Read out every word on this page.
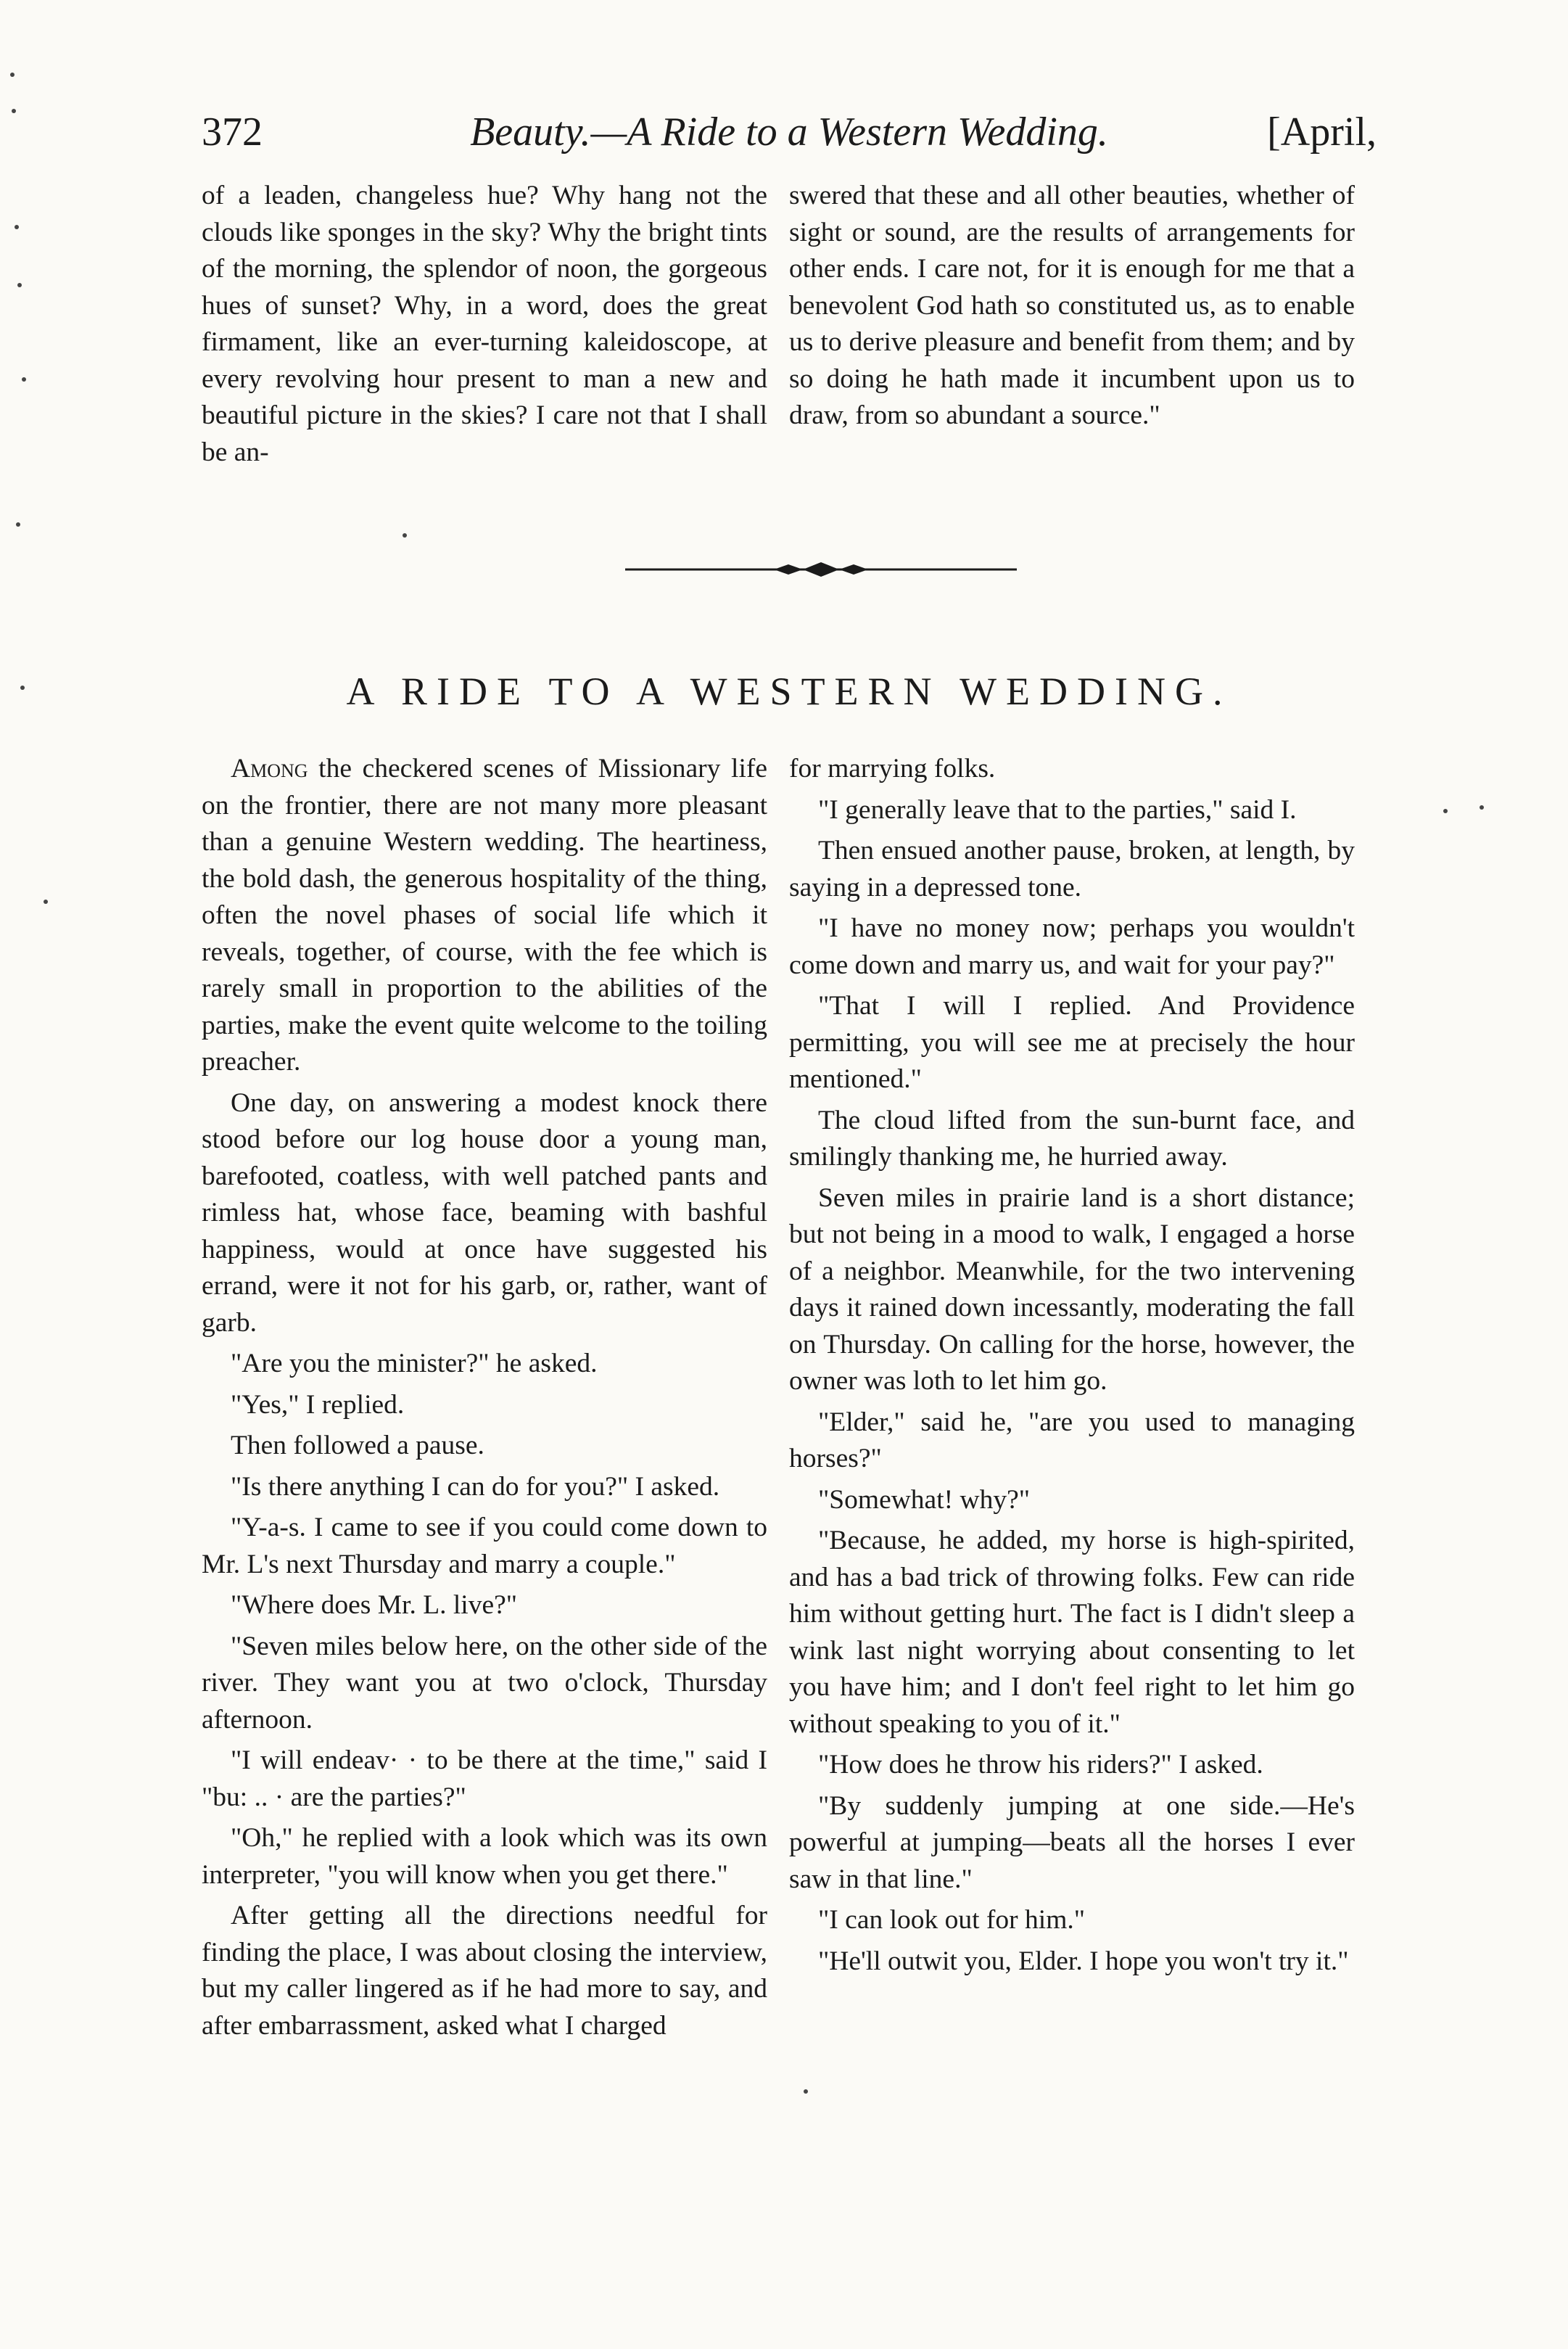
372	Beauty.—A Ride to a Western Wedding.	[April,

of a leaden, changeless hue? Why hang not the clouds like sponges in the sky? Why the bright tints of the morning, the splendor of noon, the gorgeous hues of sunset? Why, in a word, does the great firmament, like an ever-turning kaleidoscope, at every revolving hour present to man a new and beautiful picture in the skies? I care not that I shall be an-

swered that these and all other beauties, whether of sight or sound, are the results of arrangements for other ends. I care not, for it is enough for me that a benevolent God hath so constituted us, as to enable us to derive pleasure and benefit from them; and by so doing he hath made it incumbent upon us to draw, from so abundant a source."

A RIDE TO A WESTERN WEDDING.

Among the checkered scenes of Missionary life on the frontier, there are not many more pleasant than a genuine Western wedding. The heartiness, the bold dash, the generous hospitality of the thing, often the novel phases of social life which it reveals, together, of course, with the fee which is rarely small in proportion to the abilities of the parties, make the event quite welcome to the toiling preacher.

One day, on answering a modest knock there stood before our log house door a young man, barefooted, coatless, with well patched pants and rimless hat, whose face, beaming with bashful happiness, would at once have suggested his errand, were it not for his garb, or, rather, want of garb.

"Are you the minister?" he asked.

"Yes," I replied.

Then followed a pause.

"Is there anything I can do for you?" I asked.

"Y-a-s. I came to see if you could come down to Mr. L's next Thursday and marry a couple."

"Where does Mr. L. live?"

"Seven miles below here, on the other side of the river. They want you at two o'clock, Thursday afternoon.

"I will endeav· · to be there at the time," said I "bu: .. · are the parties?"

"Oh," he replied with a look which was its own interpreter, "you will know when you get there."

After getting all the directions needful for finding the place, I was about closing the interview, but my caller lingered as if he had more to say, and after embarrassment, asked what I charged

for marrying folks.

"I generally leave that to the parties," said I.

Then ensued another pause, broken, at length, by saying in a depressed tone.

"I have no money now; perhaps you wouldn't come down and marry us, and wait for your pay?"

"That I will I replied. And Providence permitting, you will see me at precisely the hour mentioned."

The cloud lifted from the sun-burnt face, and smilingly thanking me, he hurried away.

Seven miles in prairie land is a short distance; but not being in a mood to walk, I engaged a horse of a neighbor. Meanwhile, for the two intervening days it rained down incessantly, moderating the fall on Thursday. On calling for the horse, however, the owner was loth to let him go.

"Elder," said he, "are you used to managing horses?"

"Somewhat! why?"

"Because, he added, my horse is high-spirited, and has a bad trick of throwing folks. Few can ride him without getting hurt. The fact is I didn't sleep a wink last night worrying about consenting to let you have him; and I don't feel right to let him go without speaking to you of it."

"How does he throw his riders?" I asked.

"By suddenly jumping at one side.—He's powerful at jumping—beats all the horses I ever saw in that line."

"I can look out for him."

"He'll outwit you, Elder. I hope you won't try it."
